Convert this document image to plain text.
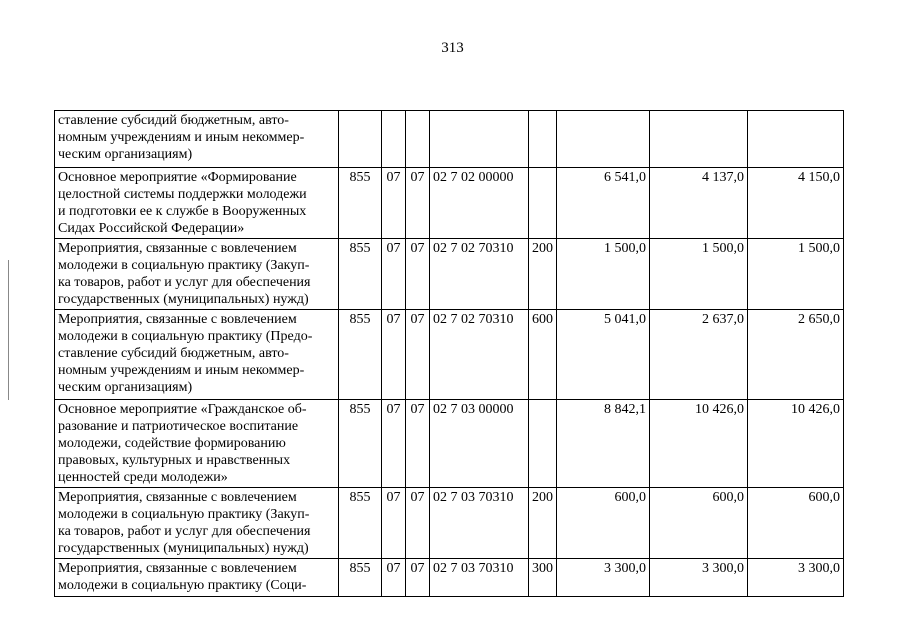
313
ставление субсидий бюджетным, авто-
номным учреждениям и иным некоммер-
ческим организациям)								

Основное мероприятие «Формирование
целостной системы поддержки молодежи
и подготовки ее к службе в Вооруженных
Сидах Российской Федерации»	855	07	07	02 7 02 00000		6 541,0	4 137,0	4 150,0

Мероприятия, связанные с вовлечением
молодежи в социальную практику (Закуп-
ка товаров, работ и услуг для обеспечения
государственных (муниципальных) нужд)	855	07	07	02 7 02 70310	200	1 500,0	1 500,0	1 500,0

Мероприятия, связанные с вовлечением
молодежи в социальную практику (Предо-
ставление субсидий бюджетным, авто-
номным учреждениям и иным некоммер-
ческим организациям)	855	07	07	02 7 02 70310	600	5 041,0	2 637,0	2 650,0

Основное мероприятие «Гражданское об-
разование и патриотическое воспитание
молодежи, содействие формированию
правовых, культурных и нравственных
ценностей среди молодежи»	855	07	07	02 7 03 00000		8 842,1	10 426,0	10 426,0

Мероприятия, связанные с вовлечением
молодежи в социальную практику (Закуп-
ка товаров, работ и услуг для обеспечения
государственных (муниципальных) нужд)	855	07	07	02 7 03 70310	200	600,0	600,0	600,0

Мероприятия, связанные с вовлечением
молодежи в социальную практику (Соци-	855	07	07	02 7 03 70310	300	3 300,0	3 300,0	3 300,0
